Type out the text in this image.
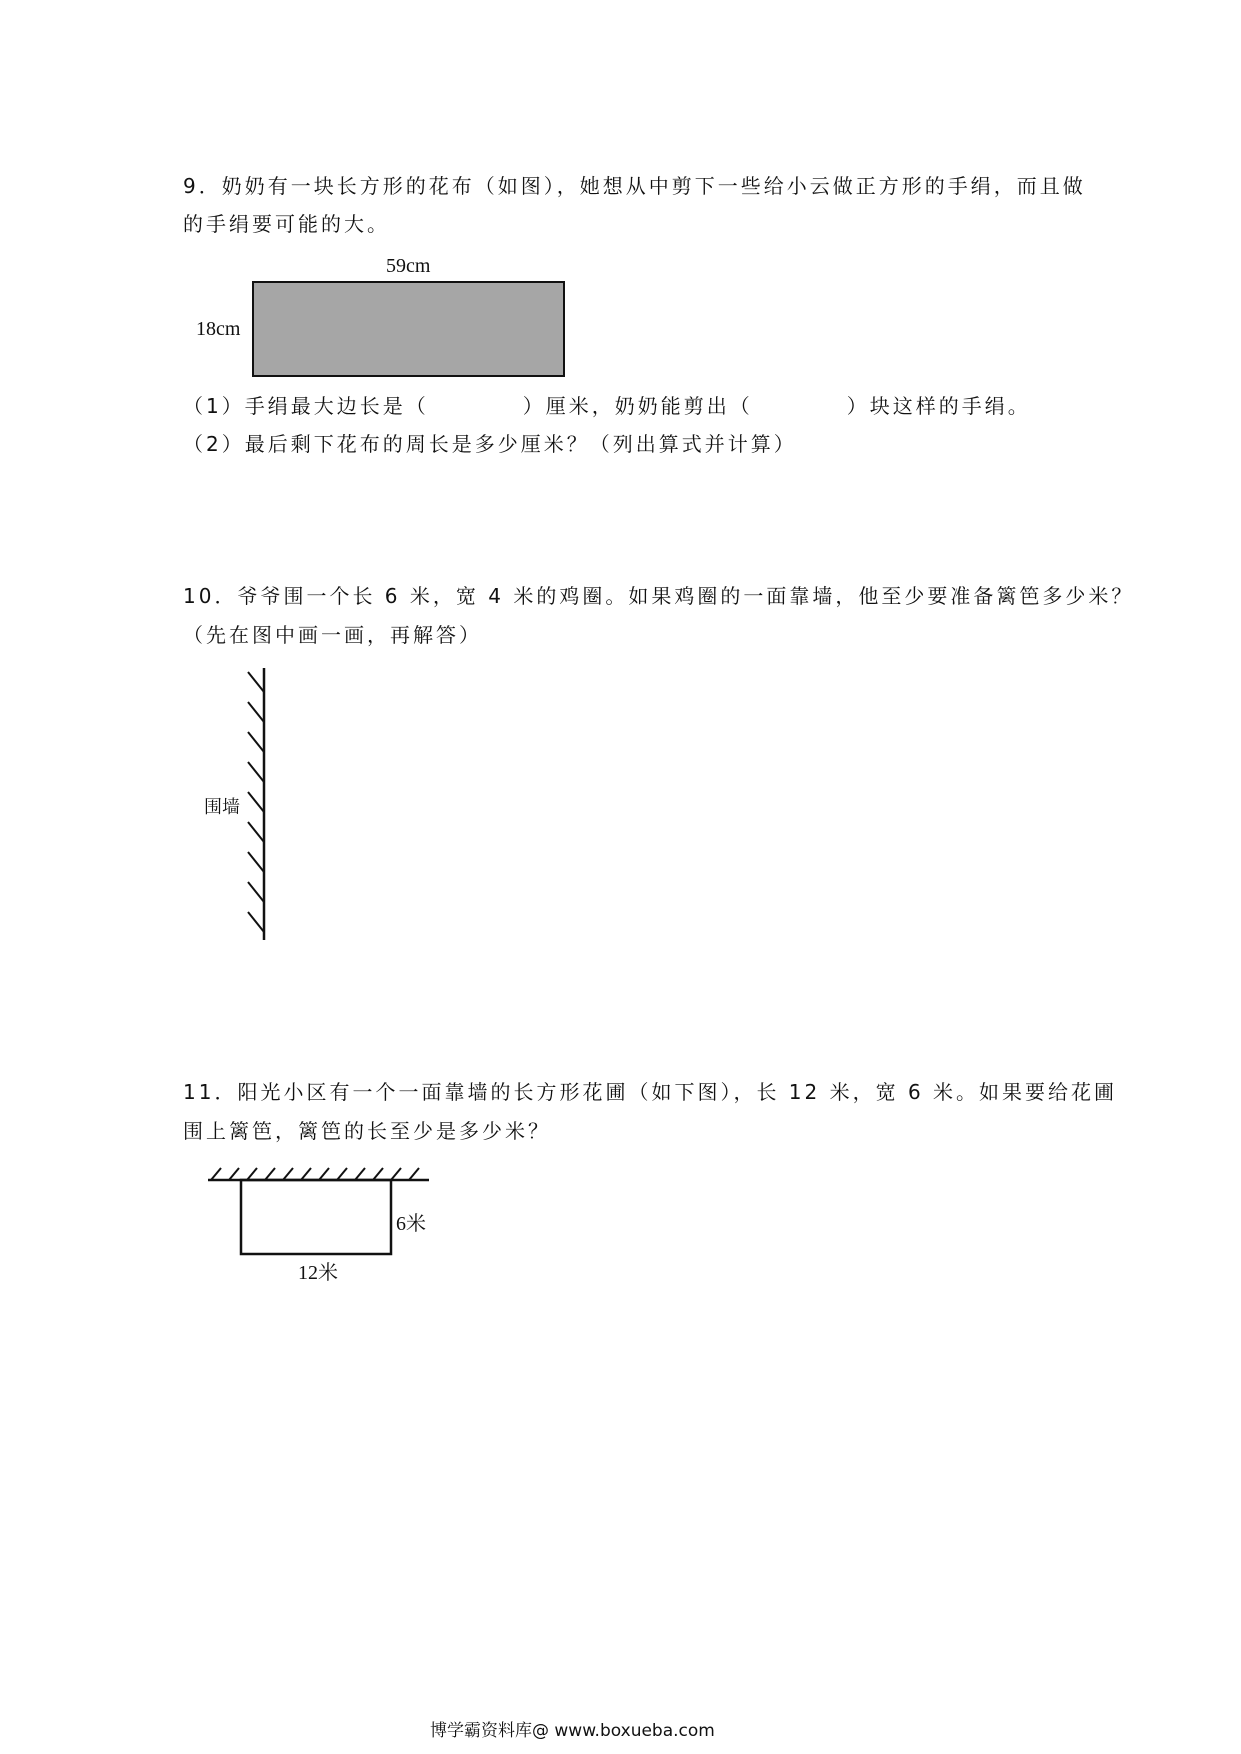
9．奶奶有一块长方形的花布（如图），她想从中剪下一些给小云做正方形的手绢，而且做
的手绢要可能的大。
59cm
18cm
（1）手绢最大边长是（	）厘米，奶奶能剪出（	）块这样的手绢。
（2）最后剩下花布的周长是多少厘米？（列出算式并计算）
10．爷爷围一个长 6 米，宽 4 米的鸡圈。如果鸡圈的一面靠墙，他至少要准备篱笆多少米？
（先在图中画一画，再解答）
围墙
11．阳光小区有一个一面靠墙的长方形花圃（如下图），长 12 米，宽 6 米。如果要给花圃
围上篱笆，篱笆的长至少是多少米？
6米
12米
博学霸资料库@ www.boxueba.com
